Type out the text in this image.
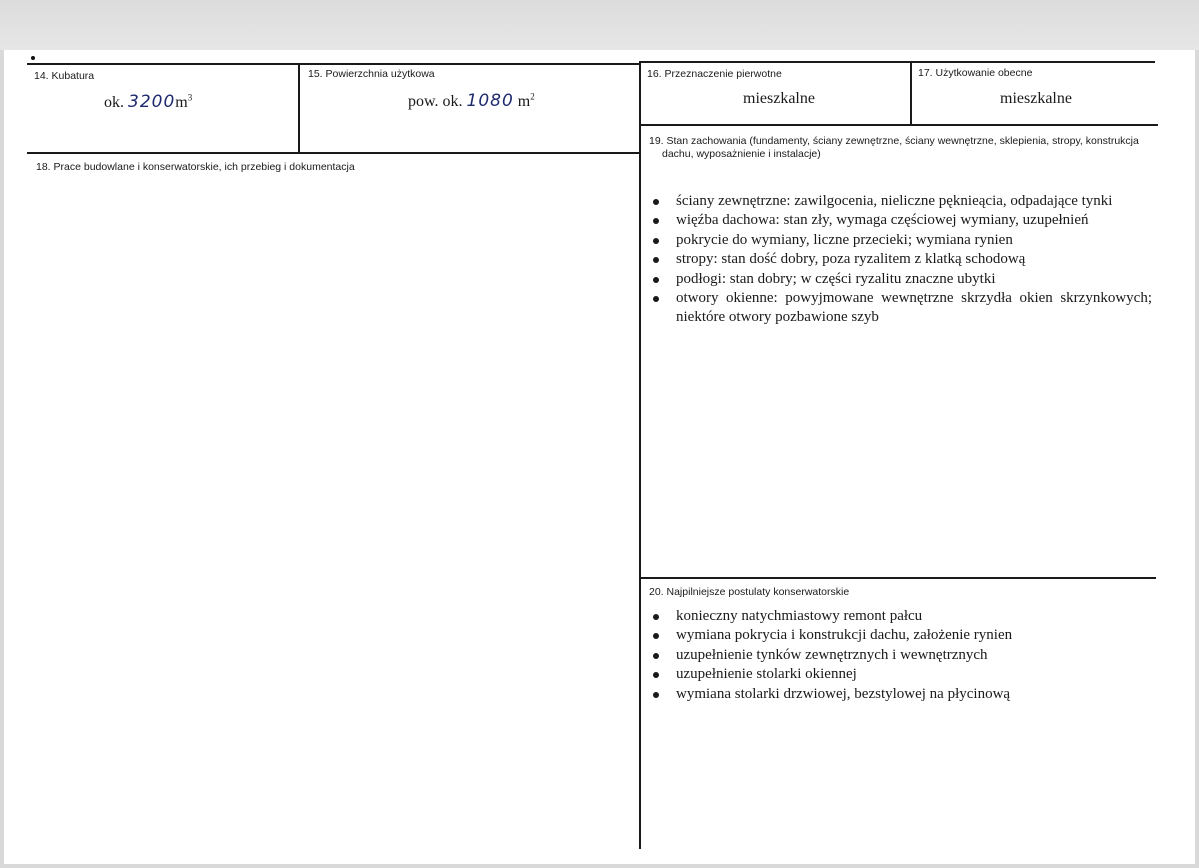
14. Kubatura
ok. $3200m^3$
15. Powierzchnia użytkowa
pow. ok. 1080 $m^2$
16. Przeznaczenie pierwotne
mieszkalne
17. Użytkowanie obecne
mieszkalne
18. Prace budowlane i konserwatorskie, ich przebieg i dokumentacja
19. Stan zachowania (fundamenty, ściany zewnętrzne, ściany wewnętrzne, sklepienia, stropy, konstrukcja dachu, wyposażnienie i instalacje)
ściany zewnętrzne: zawilgocenia, nieliczne pęknieącia, odpadające tynki
więźba dachowa: stan zły, wymaga częściowej wymiany, uzupełnień
pokrycie do wymiany, liczne przecieki; wymiana rynien
stropy: stan dość dobry, poza ryzalitem z klatką schodową
podłogi: stan dobry; w części ryzalitu znaczne ubytki
otwory okienne: powyjmowane wewnętrzne skrzydła okien skrzynkowych; niektóre otwory pozbawione szyb
20. Najpilniejsze postulaty konserwatorskie
konieczny natychmiastowy remont pałcu
wymiana pokrycia i konstrukcji dachu, założenie rynien
uzupełnienie tynków zewnętrznych i wewnętrznych
uzupełnienie stolarki okiennej
wymiana stolarki drzwiowej, bezstylowej na płycinową
